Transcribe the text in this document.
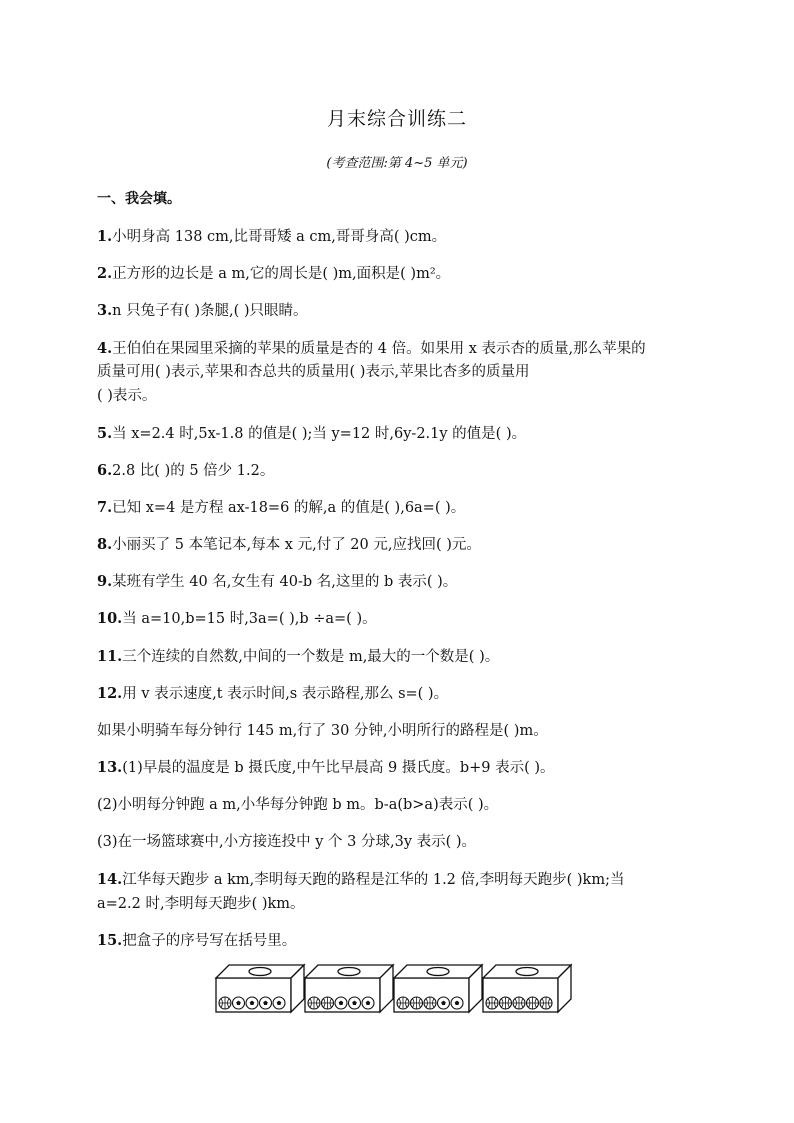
月末综合训练二
(考查范围:第 4~5 单元)
一、我会填。
1.小明身高 138 cm,比哥哥矮 a cm,哥哥身高( )cm。
2.正方形的边长是 a m,它的周长是( )m,面积是( )m²。
3.n 只兔子有( )条腿,( )只眼睛。
4.王伯伯在果园里采摘的苹果的质量是杏的 4 倍。如果用 x 表示杏的质量,那么苹果的
质量可用( )表示,苹果和杏总共的质量用( )表示,苹果比杏多的质量用
( )表示。
5.当 x=2.4 时,5x-1.8 的值是( );当 y=12 时,6y-2.1y 的值是( )。
6.2.8 比( )的 5 倍少 1.2。
7.已知 x=4 是方程 ax-18=6 的解,a 的值是( ),6a=( )。
8.小丽买了 5 本笔记本,每本 x 元,付了 20 元,应找回( )元。
9.某班有学生 40 名,女生有 40-b 名,这里的 b 表示( )。
10.当 a=10,b=15 时,3a=( ),b ÷a=( )。
11.三个连续的自然数,中间的一个数是 m,最大的一个数是( )。
12.用 v 表示速度,t 表示时间,s 表示路程,那么 s=( )。
如果小明骑车每分钟行 145 m,行了 30 分钟,小明所行的路程是( )m。
13.(1)早晨的温度是 b 摄氏度,中午比早晨高 9 摄氏度。b+9 表示( )。
(2)小明每分钟跑 a m,小华每分钟跑 b m。b-a(b>a)表示( )。
(3)在一场篮球赛中,小方接连投中 y 个 3 分球,3y 表示( )。
14.江华每天跑步 a km,李明每天跑的路程是江华的 1.2 倍,李明每天跑步( )km;当
a=2.2 时,李明每天跑步( )km。
15.把盒子的序号写在括号里。
